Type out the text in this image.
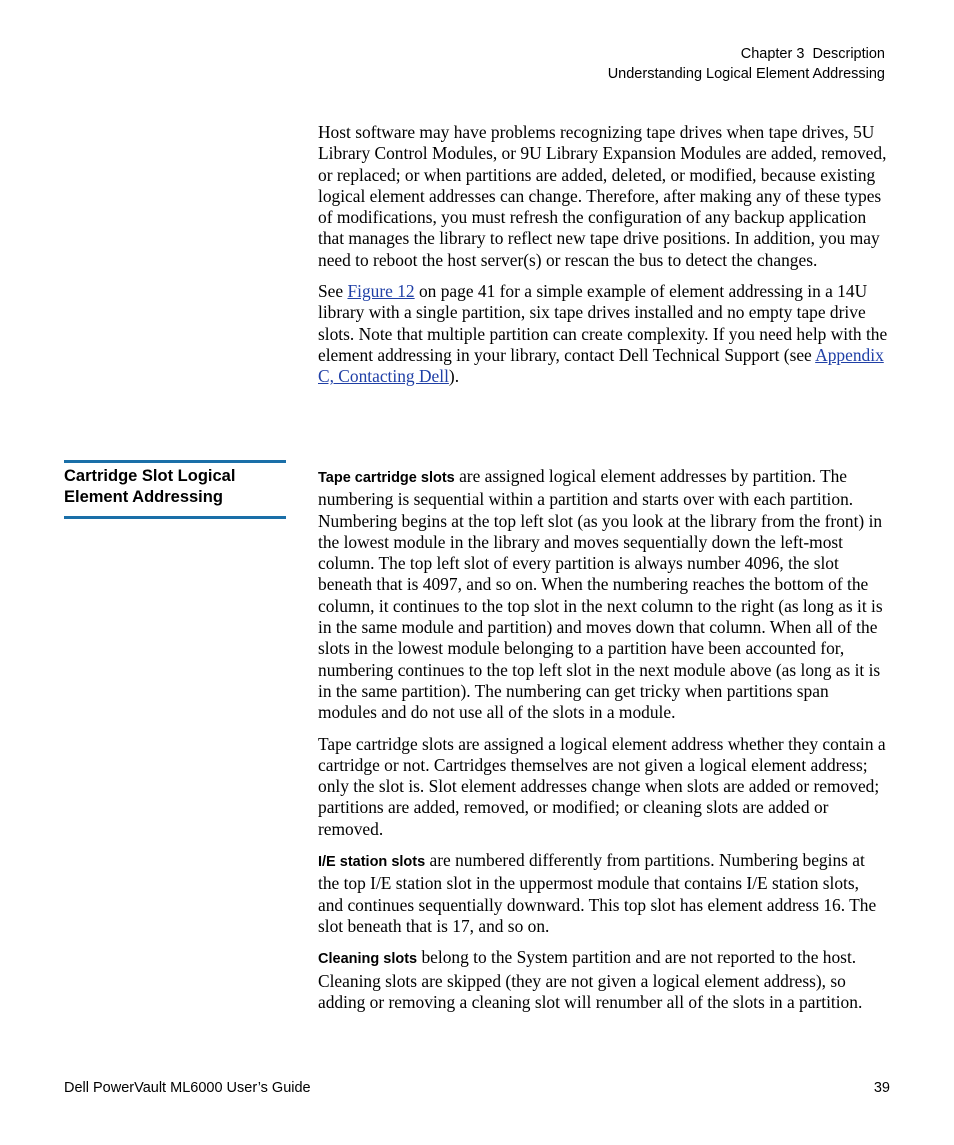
Chapter 3  Description
Understanding Logical Element Addressing

Host software may have problems recognizing tape drives when tape drives, 5U Library Control Modules, or 9U Library Expansion Modules are added, removed, or replaced; or when partitions are added, deleted, or modified, because existing logical element addresses can change. Therefore, after making any of these types of modifications, you must refresh the configuration of any backup application that manages the library to reflect new tape drive positions. In addition, you may need to reboot the host server(s) or rescan the bus to detect the changes.

See Figure 12 on page 41 for a simple example of element addressing in a 14U library with a single partition, six tape drives installed and no empty tape drive slots. Note that multiple partition can create complexity. If you need help with the element addressing in your library, contact Dell Technical Support (see Appendix C, Contacting Dell).

Cartridge Slot Logical
Element Addressing

Tape cartridge slots are assigned logical element addresses by partition. The numbering is sequential within a partition and starts over with each partition. Numbering begins at the top left slot (as you look at the library from the front) in the lowest module in the library and moves sequentially down the left-most column. The top left slot of every partition is always number 4096, the slot beneath that is 4097, and so on. When the numbering reaches the bottom of the column, it continues to the top slot in the next column to the right (as long as it is in the same module and partition) and moves down that column. When all of the slots in the lowest module belonging to a partition have been accounted for, numbering continues to the top left slot in the next module above (as long as it is in the same partition). The numbering can get tricky when partitions span modules and do not use all of the slots in a module.

Tape cartridge slots are assigned a logical element address whether they contain a cartridge or not. Cartridges themselves are not given a logical element address; only the slot is. Slot element addresses change when slots are added or removed; partitions are added, removed, or modified; or cleaning slots are added or removed.

I/E station slots are numbered differently from partitions. Numbering begins at the top I/E station slot in the uppermost module that contains I/E station slots, and continues sequentially downward. This top slot has element address 16. The slot beneath that is 17, and so on.

Cleaning slots belong to the System partition and are not reported to the host. Cleaning slots are skipped (they are not given a logical element address), so adding or removing a cleaning slot will renumber all of the slots in a partition.

Dell PowerVault ML6000 User’s Guide	39
